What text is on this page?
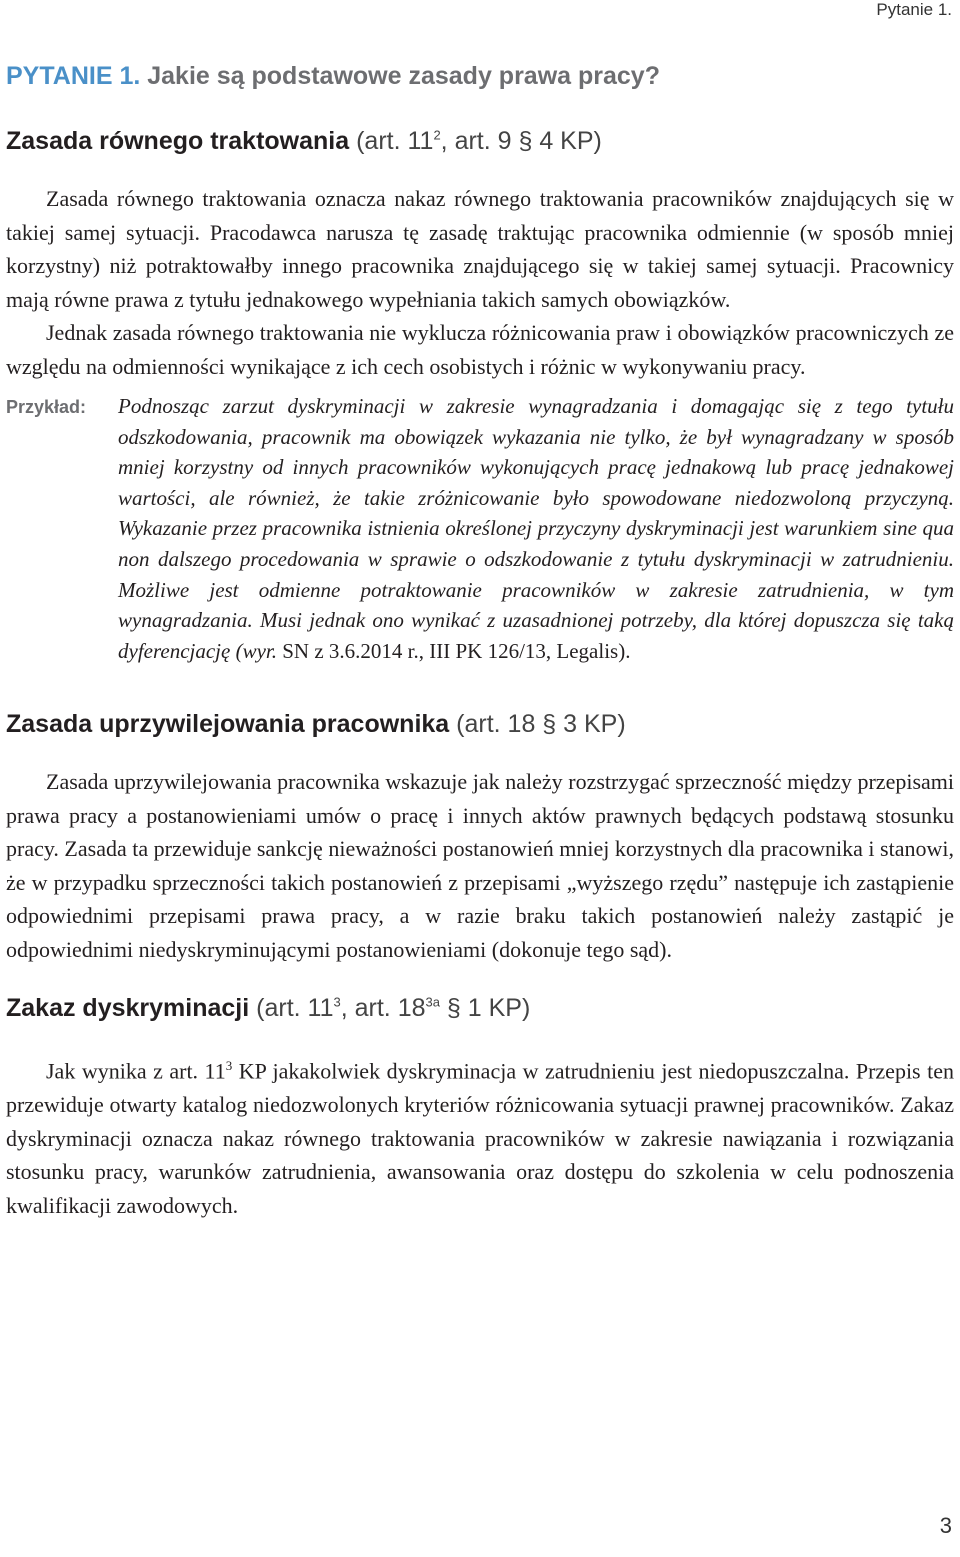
Pytanie 1.
PYTANIE 1. Jakie są podstawowe zasady prawa pracy?
Zasada równego traktowania (art. $11^2$, art. 9 § 4 KP)

Zasada równego traktowania oznacza nakaz równego traktowania pracowników znajdujących się w takiej samej sytuacji. Pracodawca narusza tę zasadę traktując pracownika odmiennie (w sposób mniej korzystny) niż potraktowałby innego pracownika znajdującego się w takiej samej sytuacji. Pracownicy mają równe prawa z tytułu jednakowego wypełniania takich samych obowiązków.

Jednak zasada równego traktowania nie wyklucza różnicowania praw i obowiązków pracowniczych ze względu na odmienności wynikające z ich cech osobistych i różnic w wykonywaniu pracy.

Przykład:	Podnosząc zarzut dyskryminacji w zakresie wynagradzania i domagając się z tego tytułu odszkodowania, pracownik ma obowiązek wykazania nie tylko, że był wynagradzany w sposób mniej korzystny od innych pracowników wykonujących pracę jednakową lub pracę jednakowej wartości, ale również, że takie zróżnicowanie było spowodowane niedozwoloną przyczyną. Wykazanie przez pracownika istnienia określonej przyczyny dyskryminacji jest warunkiem sine qua non dalszego procedowania w sprawie o odszkodowanie z tytułu dyskryminacji w zatrudnieniu. Możliwe jest odmienne potraktowanie pracowników w zakresie zatrudnienia, w tym wynagradzania. Musi jednak ono wynikać z uzasadnionej potrzeby, dla której dopuszcza się taką dyferencjację (wyr. SN z 3.6.2014 r., III PK 126/13, Legalis).
Zasada uprzywilejowania pracownika (art. 18 § 3 KP)

Zasada uprzywilejowania pracownika wskazuje jak należy rozstrzygać sprzeczność między przepisami prawa pracy a postanowieniami umów o pracę i innych aktów prawnych będących podstawą stosunku pracy. Zasada ta przewiduje sankcję nieważności postanowień mniej korzystnych dla pracownika i stanowi, że w przypadku sprzeczności takich postanowień z przepisami „wyższego rzędu” następuje ich zastąpienie odpowiednimi przepisami prawa pracy, a w razie braku takich postanowień należy zastąpić je odpowiednimi niedyskryminującymi postanowieniami (dokonuje tego sąd).

Zakaz dyskryminacji (art. $11^3$, art. $18^{3a}$ § 1 KP)

Jak wynika z art. $11^3$ KP jakakolwiek dyskryminacja w zatrudnieniu jest niedopuszczalna. Przepis ten przewiduje otwarty katalog niedozwolonych kryteriów różnicowania sytuacji prawnej pracowników. Zakaz dyskryminacji oznacza nakaz równego traktowania pracowników w zakresie nawiązania i rozwiązania stosunku pracy, warunków zatrudnienia, awansowania oraz dostępu do szkolenia w celu podnoszenia kwalifikacji zawodowych.

3
